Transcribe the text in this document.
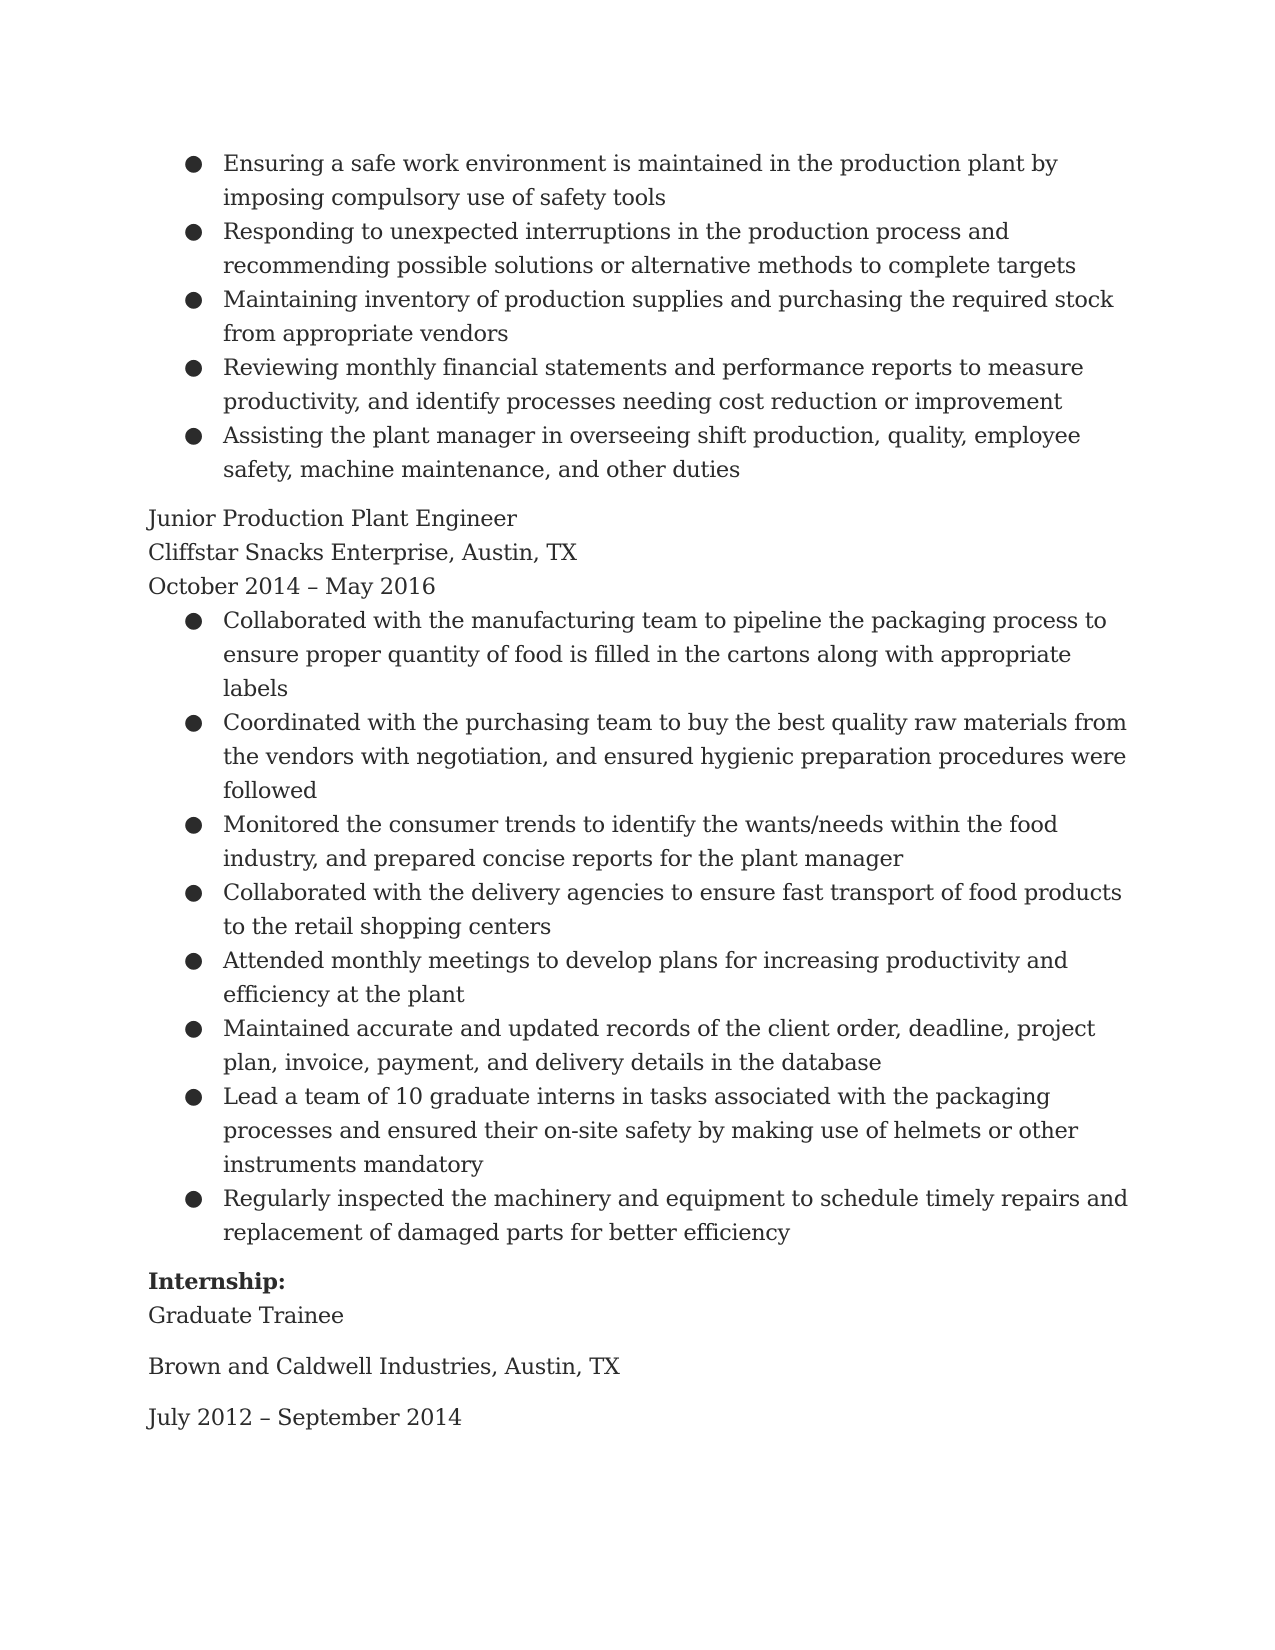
● Ensuring a safe work environment is maintained in the production plant by imposing compulsory use of safety tools
● Responding to unexpected interruptions in the production process and recommending possible solutions or alternative methods to complete targets
● Maintaining inventory of production supplies and purchasing the required stock from appropriate vendors
● Reviewing monthly financial statements and performance reports to measure productivity, and identify processes needing cost reduction or improvement
● Assisting the plant manager in overseeing shift production, quality, employee safety, machine maintenance, and other duties
Junior Production Plant Engineer
Cliffstar Snacks Enterprise, Austin, TX
October 2014 – May 2016
● Collaborated with the manufacturing team to pipeline the packaging process to ensure proper quantity of food is filled in the cartons along with appropriate labels
● Coordinated with the purchasing team to buy the best quality raw materials from the vendors with negotiation, and ensured hygienic preparation procedures were followed
● Monitored the consumer trends to identify the wants/needs within the food industry, and prepared concise reports for the plant manager
● Collaborated with the delivery agencies to ensure fast transport of food products to the retail shopping centers
● Attended monthly meetings to develop plans for increasing productivity and efficiency at the plant
● Maintained accurate and updated records of the client order, deadline, project plan, invoice, payment, and delivery details in the database
● Lead a team of 10 graduate interns in tasks associated with the packaging processes and ensured their on-site safety by making use of helmets or other instruments mandatory
● Regularly inspected the machinery and equipment to schedule timely repairs and replacement of damaged parts for better efficiency
Internship:
Graduate Trainee
Brown and Caldwell Industries, Austin, TX
July 2012 – September 2014
